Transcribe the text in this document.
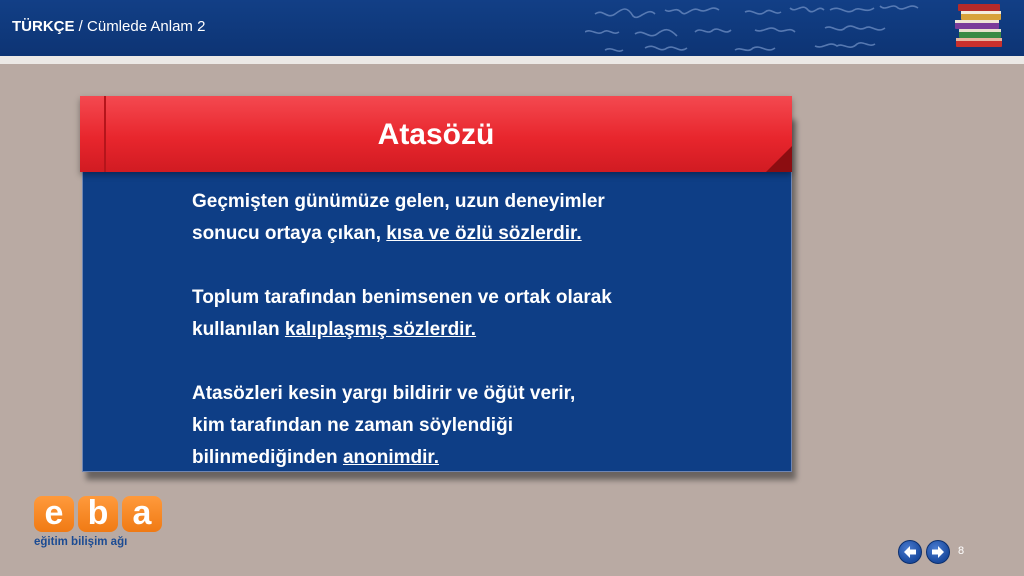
TÜRKÇE / Cümlede Anlam 2
Atasözü

Geçmişten günümüze gelen, uzun deneyimler
sonucu ortaya çıkan, kısa ve özlü sözlerdir.

Toplum tarafından benimsenen ve ortak olarak
kullanılan kalıplaşmış sözlerdir.

Atasözleri kesin yargı bildirir ve öğüt verir,
kim tarafından ne zaman söylendiği
bilinmediğinden anonimdir.

e b a
eğitim bilişim ağı
8
